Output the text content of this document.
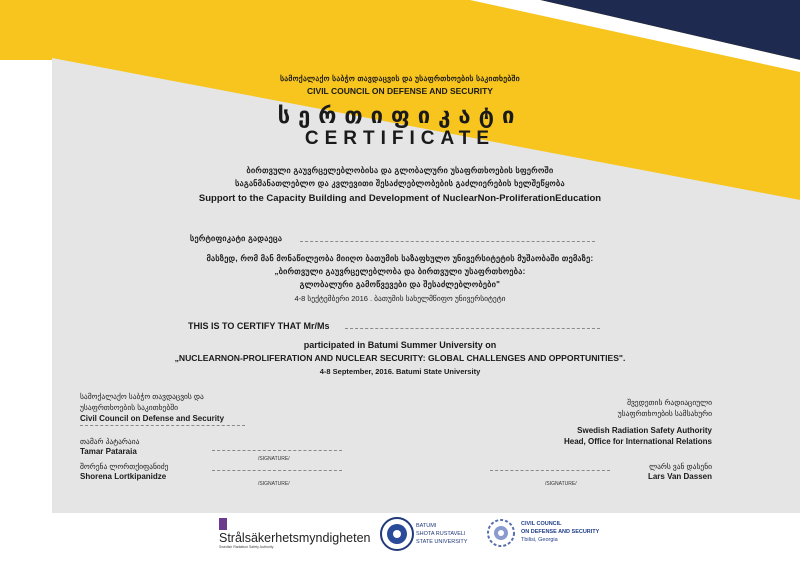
სამოქალაქო საბჭო თავდაცვის და უსაფრთხოების საკითხებში
CIVIL COUNCIL ON DEFENSE AND SECURITY
სერთიფიკატი
CERTIFICATE
ბირთვული გაუვრცელებლობისა და გლობალური უსაფრთხოების სფეროში
საგანმანათლებლო და კვლევითი შესაძლებლობების გაძლიერების ხელშეწყობა
Support to the Capacity Building and Development of NuclearNon-ProliferationEducation
სერტიფიკატი გადაეცა
მასზედ, რომ მან მონაწილეობა მიიღო ბათუმის საზაფხულო უნივერსიტეტის მუშაობაში თემაზე:
„ბირთვული გაუვრცელებლობა და ბირთვული უსაფრთხოება:
გლობალური გამოწვევები და შესაძლებლობები"
4-8 სექტემბერი 2016 . ბათუმის სახელმწიფო უნივერსიტეტი
THIS IS TO CERTIFY THAT Mr/Ms
participated in Batumi Summer University on
„NUCLEARNON-PROLIFERATION AND NUCLEAR SECURITY: GLOBAL CHALLENGES AND OPPORTUNITIES".
4-8 September, 2016. Batumi State University
სამოქალაქო საბჭო თავდაცვის და
უსაფრთხოების საკითხებში
Civil Council on Defense and Security
შვედეთის რადიაციული
უსაფრთხოების სამსახური
Swedish Radiation Safety Authority
Head, Office for International Relations
თამარ პატარაია
Tamar Pataraia
/SIGNATURE/
შორენა ლორთქიფანიძე
Shorena Lortkipanidze
/SIGNATURE/
ლარს ვან დასენი
Lars Van Dassen
/SIGNATURE/
Strålsäkerhetsmyndigheten
Swedish Radiation Safety Authority
BATUMI
SHOTA RUSTAVELI
STATE UNIVERSITY
CIVIL COUNCIL
ON DEFENSE AND SECURITY
Tbilisi, Georgia
